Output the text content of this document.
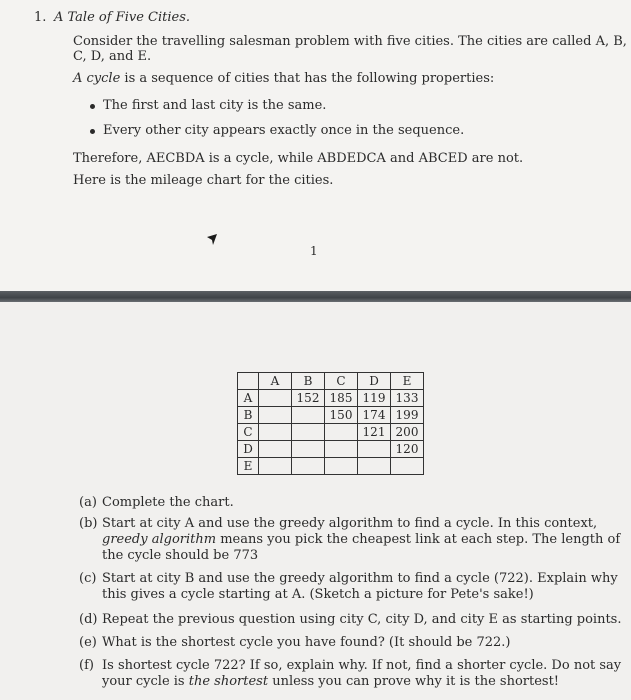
1. A Tale of Five Cities.
Consider the travelling salesman problem with five cities. The cities are called A, B,
C, D, and E.
A cycle is a sequence of cities that has the following properties:
The first and last city is the same.
Every other city appears exactly once in the sequence.
Therefore, AECBDA is a cycle, while ABDEDCA and ABCED are not.
Here is the mileage chart for the cities.
1
	A	B	C	D	E
A		152	185	119	133
B			150	174	199
C				121	200
D					120
E					
(a) Complete the chart.
(b) Start at city A and use the greedy algorithm to find a cycle. In this context,
greedy algorithm means you pick the cheapest link at each step. The length of
the cycle should be 773
(c) Start at city B and use the greedy algorithm to find a cycle (722). Explain why
this gives a cycle starting at A. (Sketch a picture for Pete's sake!)
(d) Repeat the previous question using city C, city D, and city E as starting points.
(e) What is the shortest cycle you have found? (It should be 722.)
(f) Is shortest cycle 722? If so, explain why. If not, find a shorter cycle. Do not say
your cycle is the shortest unless you can prove why it is the shortest!
